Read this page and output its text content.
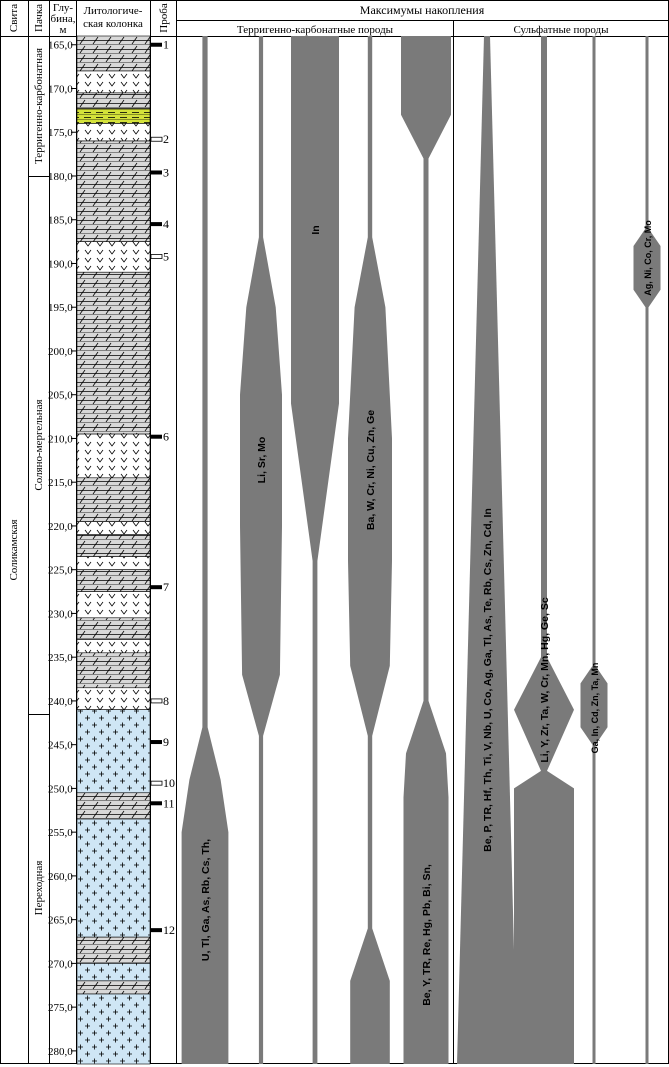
Свита Пачка Глу-
бина,
м
Литологиче-
ская колонка Проба	Максимумы накопления
Терригенно-карбонатные породы	Сульфатные породы
Соликамская
Терригенно-карбонатная
Соляно-мергельная
Переходная
165,0
170,0
175,0
180,0
185,0
190,0
195,0
200,0
205,0
210,0
215,0
220,0
225,0
230,0
235,0
240,0
245,0
250,0
255,0
260,0
265,0
270,0
275,0
280,0
1
2
3
4
5
6
7
8
9
10
11
12 U, Tl, Ga, As, Rb, Cs, Th,
Li, Sr, Mo
In
Ba, W, Cr, Ni, Cu, Zn, Ge
Be, Y, TR, Re, Hg, Pb, Bi, Sn,
Be, P, TR, Hf, Th, Ti, V, Nb, U, Co, Ag, Ga, Tl, As, Te, Rb, Cs, Zn, Cd, In	Li, Y, Zr, Ta, W, Cr, Mn, Hg, Ge, Sc	Ga, In, Cd, Zn, Ta, Mn
Ag, Ni, Co, Cr, Mo
